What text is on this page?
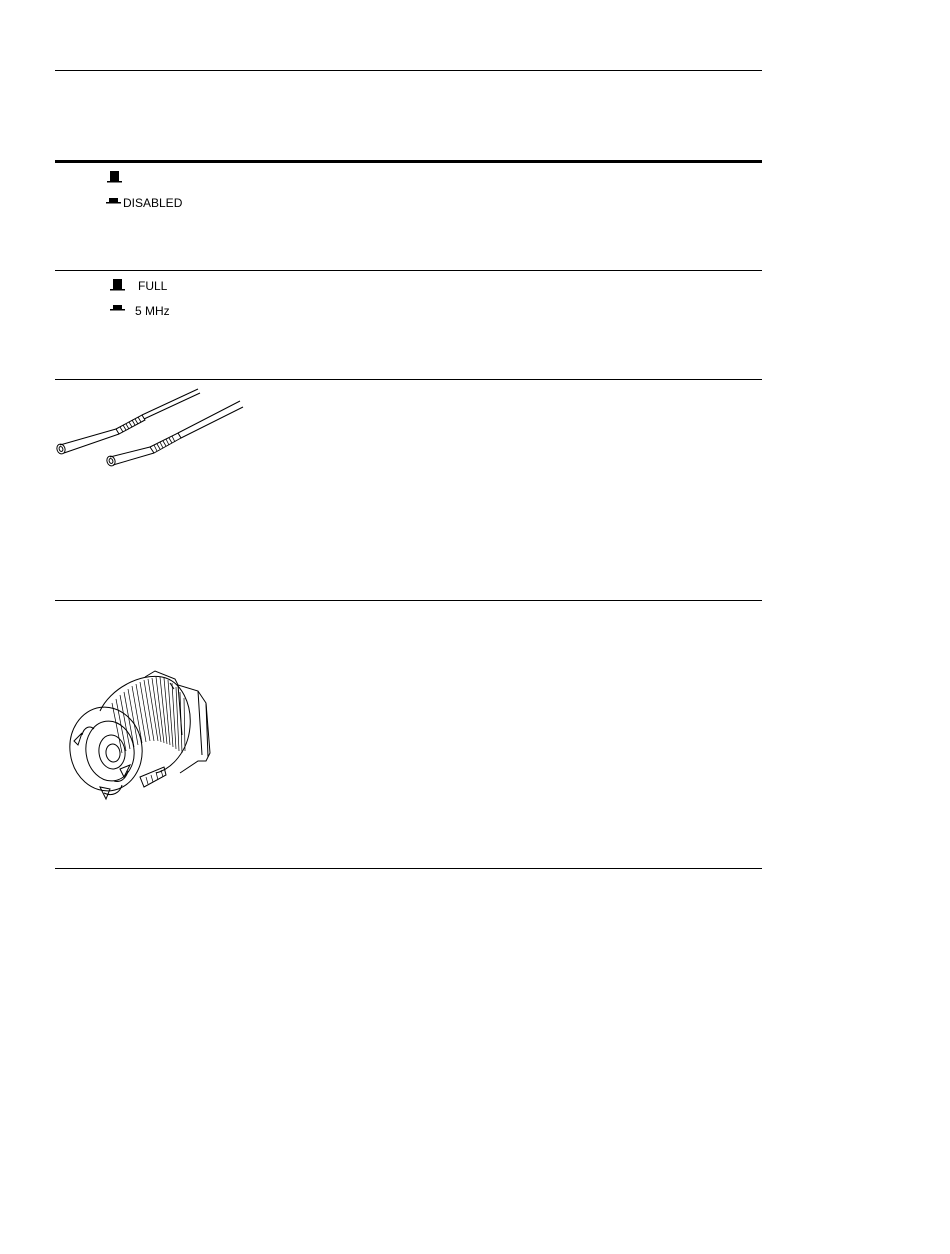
DISABLED
FULL
5 MHz
